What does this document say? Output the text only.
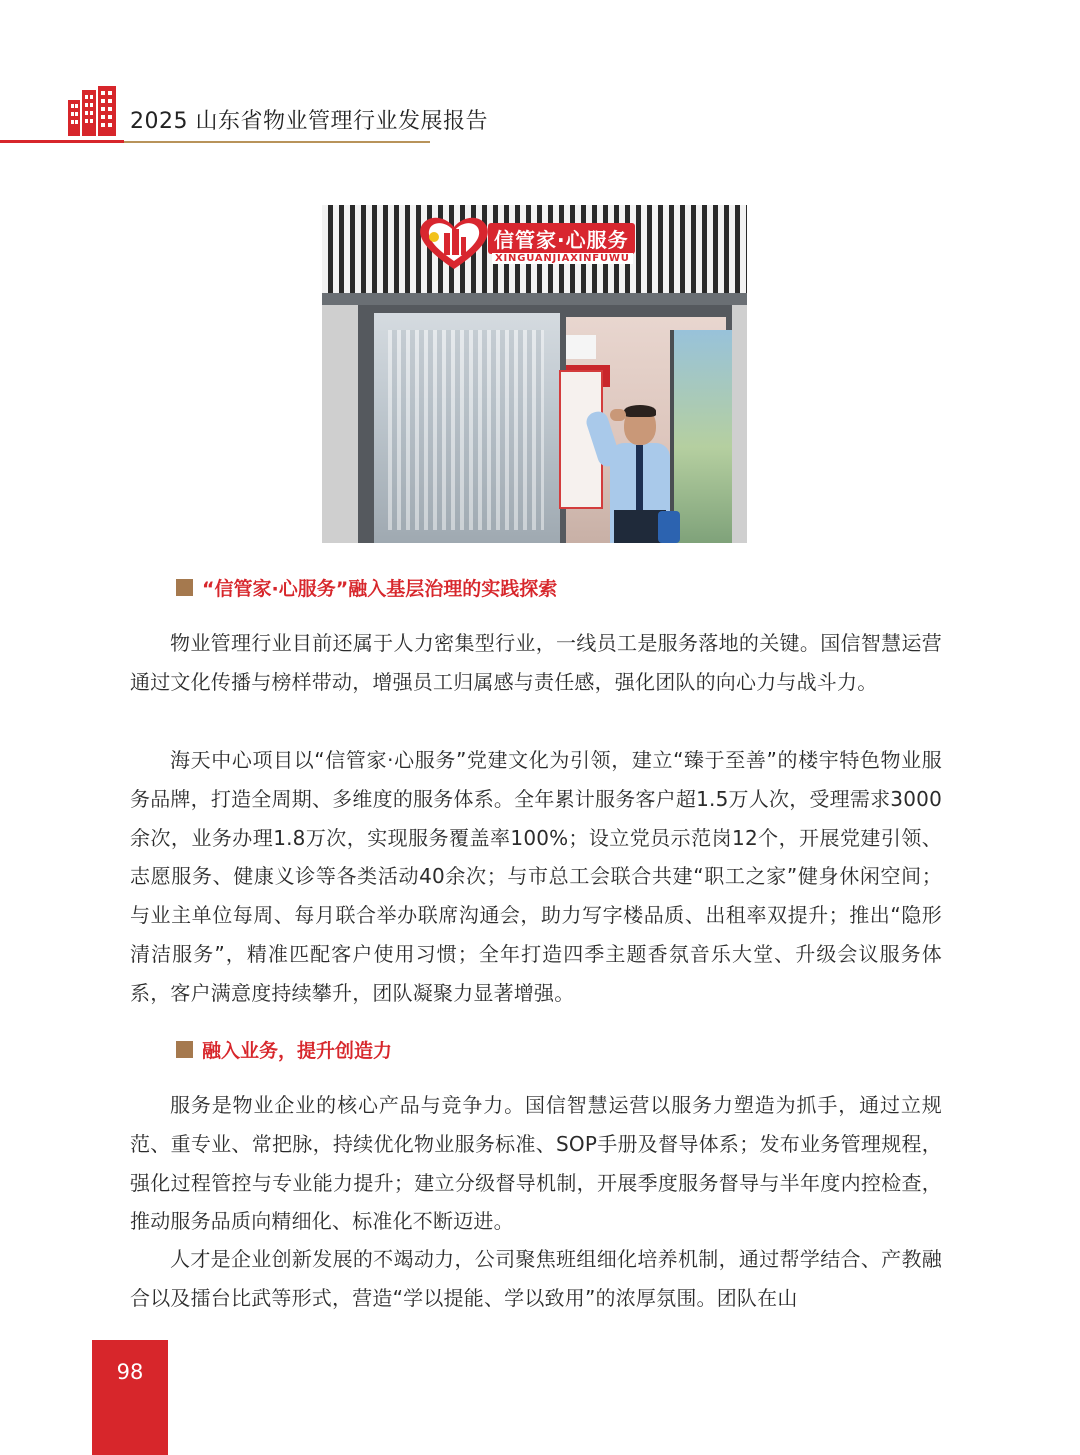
2025 山东省物业管理行业发展报告
信管家·心服务
XINGUANJIAXINFUWU
“信管家·心服务”融入基层治理的实践探索
物业管理行业目前还属于人力密集型行业，一线员工是服务落地的关键。国信智慧运营通过文化传播与榜样带动，增强员工归属感与责任感，强化团队的向心力与战斗力。
海天中心项目以“信管家·心服务”党建文化为引领，建立“臻于至善”的楼宇特色物业服务品牌，打造全周期、多维度的服务体系。全年累计服务客户超1.5万人次，受理需求3000余次，业务办理1.8万次，实现服务覆盖率100%；设立党员示范岗12个，开展党建引领、志愿服务、健康义诊等各类活动40余次；与市总工会联合共建“职工之家”健身休闲空间；与业主单位每周、每月联合举办联席沟通会，助力写字楼品质、出租率双提升；推出“隐形清洁服务”，精准匹配客户使用习惯；全年打造四季主题香氛音乐大堂、升级会议服务体系，客户满意度持续攀升，团队凝聚力显著增强。
融入业务，提升创造力
服务是物业企业的核心产品与竞争力。国信智慧运营以服务力塑造为抓手，通过立规范、重专业、常把脉，持续优化物业服务标准、SOP手册及督导体系；发布业务管理规程，强化过程管控与专业能力提升；建立分级督导机制，开展季度服务督导与半年度内控检查，推动服务品质向精细化、标准化不断迈进。
人才是企业创新发展的不竭动力，公司聚焦班组细化培养机制，通过帮学结合、产教融合以及擂台比武等形式，营造“学以提能、学以致用”的浓厚氛围。团队在山
98
